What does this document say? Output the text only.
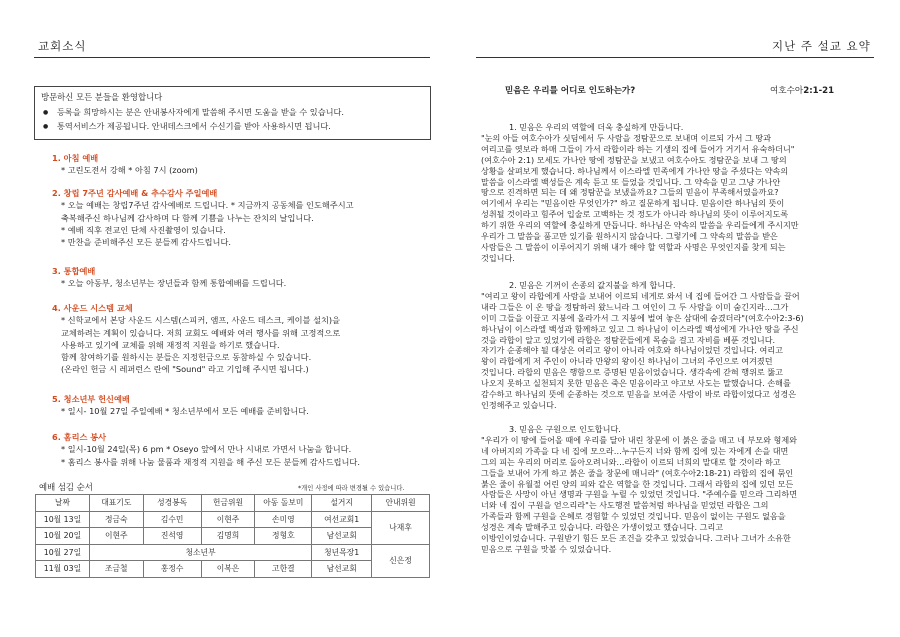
교회소식
방문하신 모든 분들을 환영합니다
● 등록을 희망하시는 분은 안내봉사자에게 말씀해 주시면 도움을 받을 수 있습니다.
● 통역서비스가 제공됩니다. 안내데스크에서 수신기를 받아 사용하시면 됩니다.
1. 아침 예배
* 고린도전서 강해 * 아침 7시 (zoom)
2. 창립 7주년 감사예배 & 추수감사 주일예배
* 오늘 예배는 창립7주년 감사예배로 드립니다. * 지금까지 공동체를 인도해주시고
축복해주신 하나님께 감사하며 다 함께 기쁨을 나누는 잔치의 날입니다.
* 예배 직후 전교인 단체 사진촬영이 있습니다.
* 만찬을 준비해주신 모든 분들께 감사드립니다.
3. 통합예배
* 오늘 아동부, 청소년부는 장년들과 함께 통합예배를 드립니다.
4. 사운드 시스템 교체
* 신학교에서 본당 사운드 시스템(스피커, 앰프, 사운드 데스크, 케이블 설치)을
교체하려는 계획이 있습니다. 저희 교회도 예배와 여러 행사를 위해 고정적으로
사용하고 있기에 교체를 위해 재정적 지원을 하기로 했습니다.
함께 참여하기를 원하시는 분들은 지정헌금으로 동참하실 수 있습니다.
(온라인 헌금 시 레퍼런스 란에 "Sound" 라고 기입해 주시면 됩니다.)
5. 청소년부 헌신예배
* 일시- 10월 27일 주일예배 * 청소년부에서 모든 예배를 준비합니다.
6. 홈리스 봉사
* 일시-10월 24일(목) 6 pm * Oseyo 앞에서 만나 시내로 가면서 나눔을 합니다.
* 홈리스 봉사를 위해 나눔 물품과 재정적 지원을 해 주신 모든 분들께 감사드립니다.
예배 섬김 순서	*개인 사정에 따라 변경될 수 있습니다.
날짜	대표기도	성경봉독	헌금위원	아동 돌보미	설거지	안내위원
10월 13일	정금숙	김수민	이현주	손미영	여선교회1	나재후
10월 20일	이현주	진석영	김명희	정형호	남선교회	
10월 27일	청소년부				청년목장1	신은정
11월 03일	조금철	홍정수	이복은	고한결	남선교회	
지난 주 설교 요약
믿음은 우리를 어디로 인도하는가?	여호수아2:1-21
1. 믿음은 우리의 역할에 더욱 충실하게 만듭니다.
"눈의 아들 여호수아가 싯딤에서 두 사람을 정탐꾼으로 보내며 이르되 가서 그 땅과
여리고를 엿보라 하매 그들이 가서 라합이라 하는 기생의 집에 들어가 거기서 유숙하더니"
(여호수아 2:1) 모세도 가나안 땅에 정탐꾼을 보냈고 여호수아도 정탐꾼을 보내 그 땅의
상황을 살펴보게 했습니다. 하나님께서 이스라엘 민족에게 가나안 땅을 주셨다는 약속의
말씀을 이스라엘 백성들은 계속 듣고 또 들었을 것입니다. 그 약속을 믿고 그냥 가나안
땅으로 진격하면 되는 데 왜 정탐꾼을 보냈을까요? 그들의 믿음이 부족해서였을까요?
여기에서 우리는 "믿음이란 무엇인가?" 하고 질문하게 됩니다. 믿음이란 하나님의 뜻이
성취될 것이라고 힘주어 입술로 고백하는 것 정도가 아니라 하나님의 뜻이 이루어지도록
하기 위한 우리의 역할에 충실하게 만듭니다. 하나님은 약속의 말씀을 우리들에게 주시지만
우리가 그 말씀을 품고만 있기를 원하시지 않습니다. 그렇기에 그 약속의 말씀을 받은
사람들은 그 말씀이 이루어지기 위해 내가 해야 할 역할과 사명은 무엇인지를 찾게 되는
것입니다.
2. 믿음은 기꺼이 손종의 값지불을 하게 합니다.
"여리고 왕이 라합에게 사람을 보내어 이르되 네게로 와서 네 집에 들어간 그 사람들을 끌어
내라 그들은 이 온 땅을 정탐하러 왔느니라 그 여인이 그 두 사람을 이미 숨긴지라…그가
이미 그들을 이끌고 지붕에 올라가서 그 지붕에 벌여 놓은 삼대에 숨겼더라"(여호수아2:3-6)
하나님이 이스라엘 백성과 함께하고 있고 그 하나님이 이스라엘 백성에게 가나안 땅을 주신
것을 라합이 알고 있었기에 라합은 정탐꾼들에게 목숨을 걸고 자비를 베푼 것입니다.
자기가 순종해야 될 대상은 여리고 왕이 아니라 여호와 하나님이었던 것입니다. 여리고
왕이 라합에게 저 주인이 아니라 만왕의 왕이신 하나님이 그녀의 주인으로 여겨졌던
것입니다. 라합의 믿음은 행함으로 증명된 믿음이었습니다. 생각속에 갇혀 행위로 뚫고
나오지 못하고 실천되지 못한 믿음은 죽은 믿음이라고 야고보 사도는 말했습니다. 손해를
감수하고 하나님의 뜻에 순종하는 것으로 믿음을 보여준 사람이 바로 라합이었다고 성경은
인정해주고 있습니다.
3. 믿음은 구원으로 인도합니다.
"우리가 이 땅에 들어올 때에 우리를 달아 내린 창문에 이 붉은 줄을 매고 네 부모와 형제와
네 아버지의 가족을 다 네 집에 모으라…누구든지 너와 함께 집에 있는 자에게 손을 대면
그의 피는 우리의 머리로 돌아오려니와…라합이 이르되 너희의 말대로 할 것이라 하고
그들을 보내어 가게 하고 붉은 줄을 창문에 매니라" (여호수아2:18-21) 라합의 집에 묶인
붉은 줄이 유월절 어린 양의 피와 같은 역할을 한 것입니다. 그래서 라합의 집에 있던 모든
사람들은 사망이 아닌 생명과 구원을 누릴 수 있었던 것입니다. "주예수를 믿으라 그리하면
너와 네 집이 구원을 얻으리라"는 사도행전 말씀처럼 하나님을 믿었던 라합은 그의
가족들과 함께 구원을 은혜로 경험할 수 있었던 것입니다. 믿음이 없이는 구원도 없음을
성경은 계속 말해주고 있습니다. 라합은 가생이었고 했습니다. 그리고
이방인이었습니다. 구원받기 힘든 모든 조건을 갖추고 있었습니다. 그러나 그녀가 소유한
믿음으로 구원을 맛볼 수 있었습니다.
